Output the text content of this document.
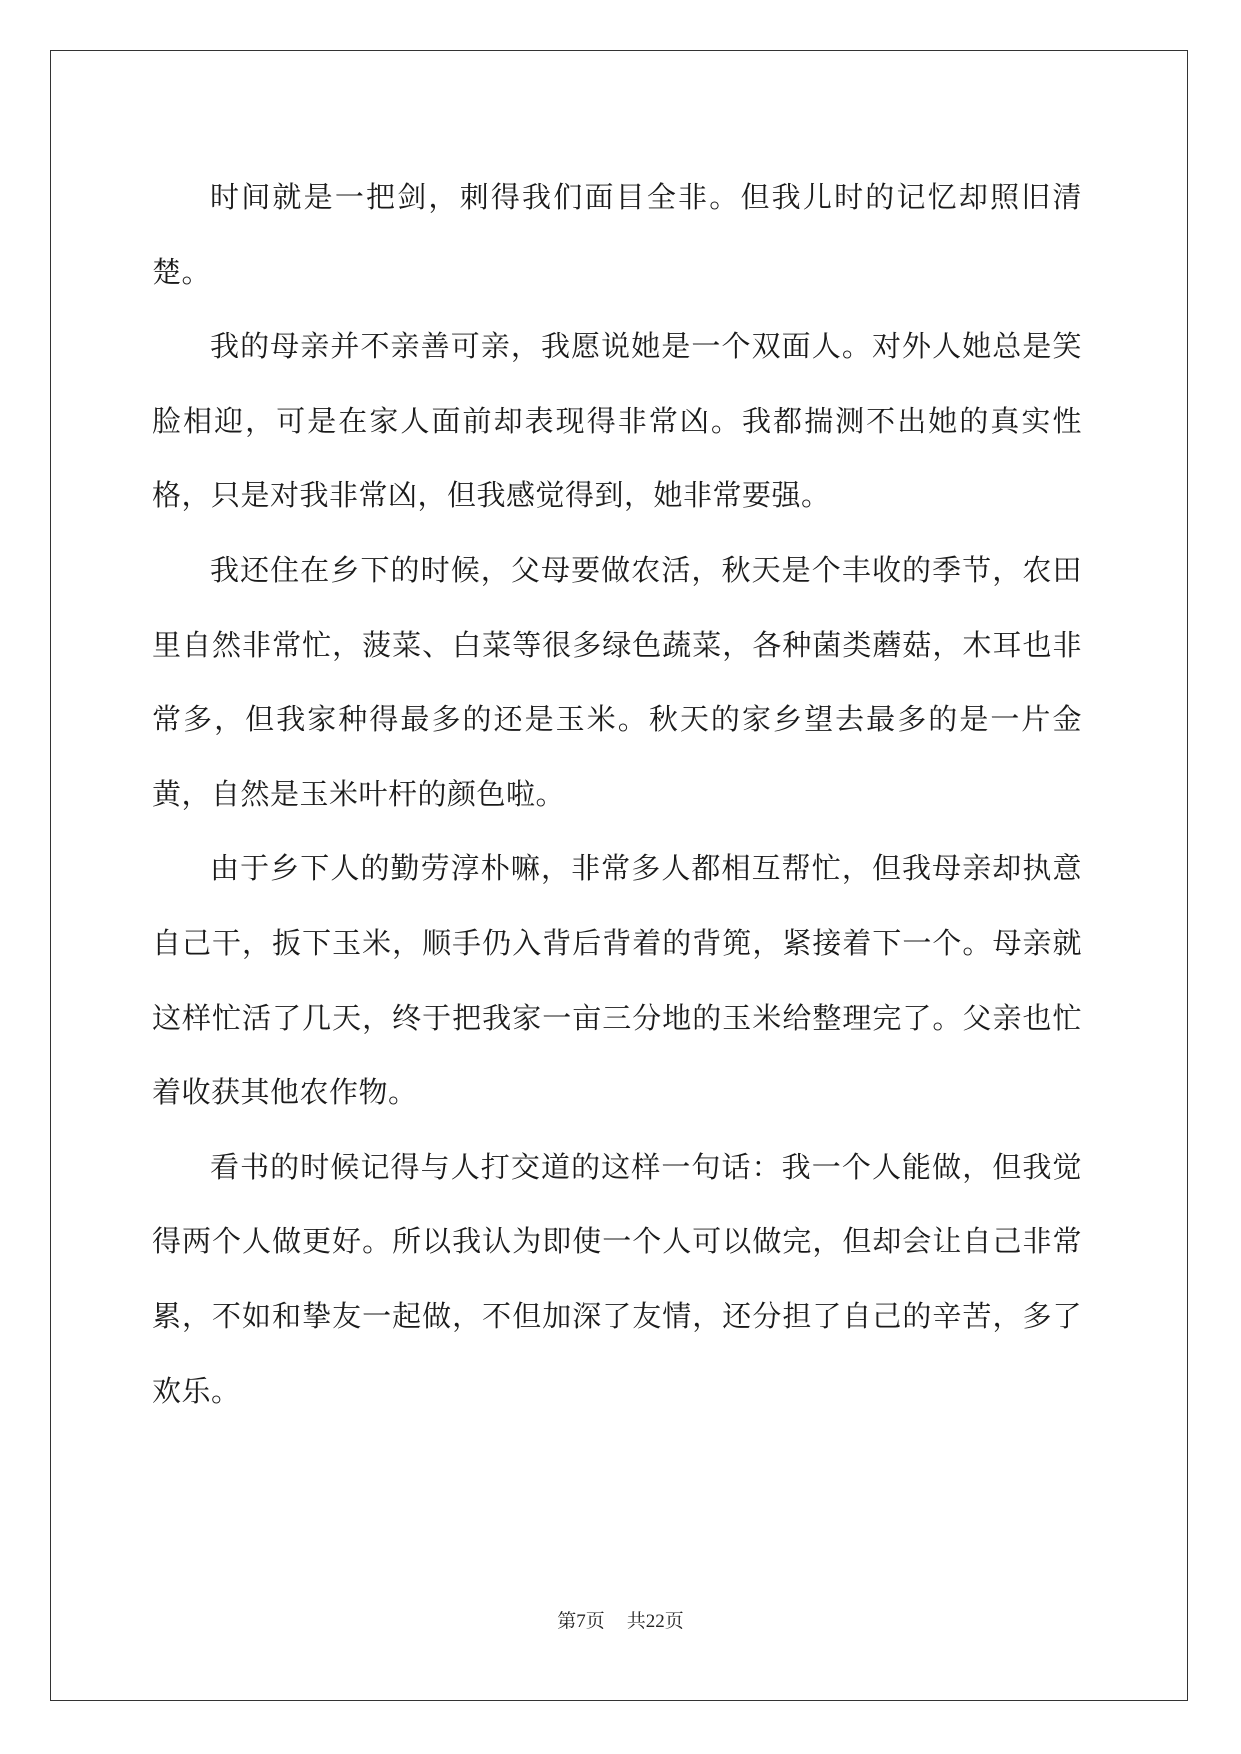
时间就是一把剑，刺得我们面目全非。但我儿时的记忆却照旧清楚。

我的母亲并不亲善可亲，我愿说她是一个双面人。对外人她总是笑脸相迎，可是在家人面前却表现得非常凶。我都揣测不出她的真实性格，只是对我非常凶，但我感觉得到，她非常要强。

我还住在乡下的时候，父母要做农活，秋天是个丰收的季节，农田里自然非常忙，菠菜、白菜等很多绿色蔬菜，各种菌类蘑菇，木耳也非常多，但我家种得最多的还是玉米。秋天的家乡望去最多的是一片金黄，自然是玉米叶杆的颜色啦。

由于乡下人的勤劳淳朴嘛，非常多人都相互帮忙，但我母亲却执意自己干，扳下玉米，顺手仍入背后背着的背篼，紧接着下一个。母亲就这样忙活了几天，终于把我家一亩三分地的玉米给整理完了。父亲也忙着收获其他农作物。

看书的时候记得与人打交道的这样一句话：我一个人能做，但我觉得两个人做更好。所以我认为即使一个人可以做完，但却会让自己非常累，不如和挚友一起做，不但加深了友情，还分担了自己的辛苦，多了欢乐。

第7页 共22页
